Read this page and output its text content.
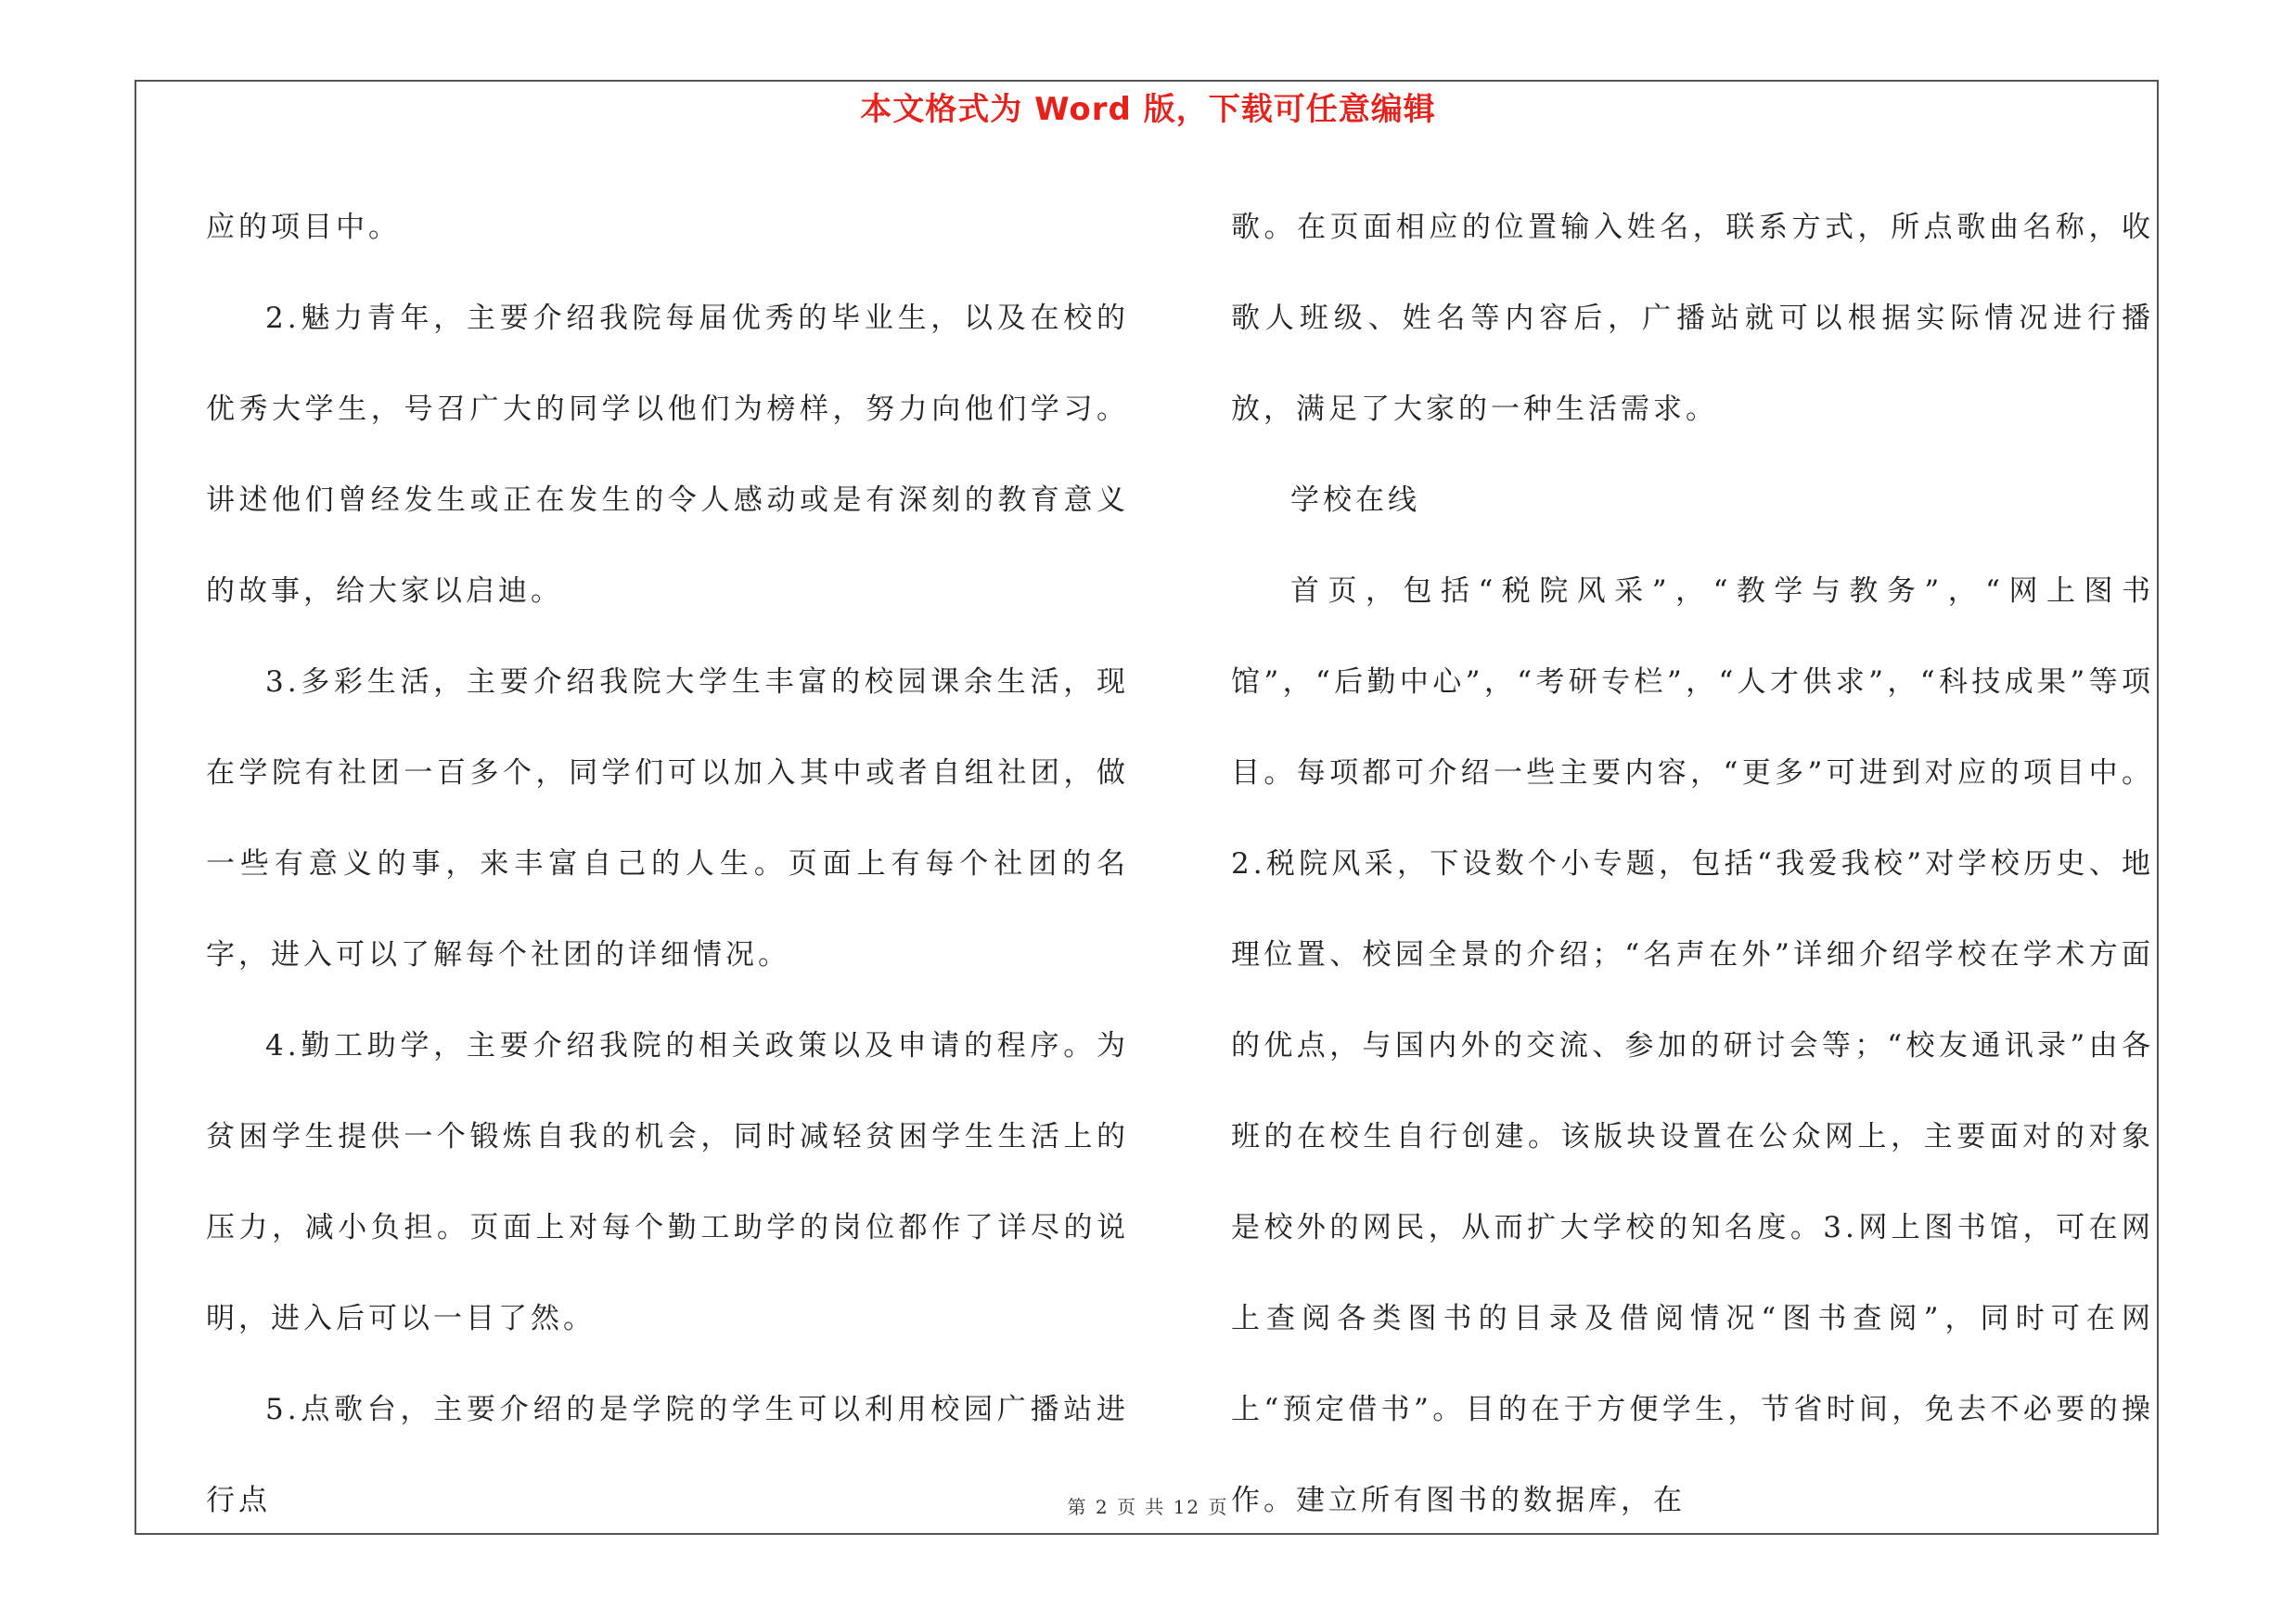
本文格式为 Word 版，下载可任意编辑

应的项目中。

2.魅力青年，主要介绍我院每届优秀的毕业生，以及在校的优秀大学生，号召广大的同学以他们为榜样，努力向他们学习。讲述他们曾经发生或正在发生的令人感动或是有深刻的教育意义的故事，给大家以启迪。

3.多彩生活，主要介绍我院大学生丰富的校园课余生活，现在学院有社团一百多个，同学们可以加入其中或者自组社团，做一些有意义的事，来丰富自己的人生。页面上有每个社团的名字，进入可以了解每个社团的详细情况。

4.勤工助学，主要介绍我院的相关政策以及申请的程序。为贫困学生提供一个锻炼自我的机会，同时减轻贫困学生生活上的压力，减小负担。页面上对每个勤工助学的岗位都作了详尽的说明，进入后可以一目了然。

5.点歌台，主要介绍的是学院的学生可以利用校园广播站进行点

歌。在页面相应的位置输入姓名，联系方式，所点歌曲名称，收歌人班级、姓名等内容后，广播站就可以根据实际情况进行播放，满足了大家的一种生活需求。

学校在线

首页，包括“税院风采”，“教学与教务”，“网上图书馆”，“后勤中心”，“考研专栏”，“人才供求”，“科技成果”等项目。每项都可介绍一些主要内容，“更多”可进到对应的项目中。2.税院风采，下设数个小专题，包括“我爱我校”对学校历史、地理位置、校园全景的介绍；“名声在外”详细介绍学校在学术方面的优点，与国内外的交流、参加的研讨会等；“校友通讯录”由各班的在校生自行创建。该版块设置在公众网上，主要面对的对象是校外的网民，从而扩大学校的知名度。3.网上图书馆，可在网上查阅各类图书的目录及借阅情况“图书查阅”，同时可在网上“预定借书”。目的在于方便学生，节省时间，免去不必要的操作。建立所有图书的数据库，在

第 2 页 共 12 页
